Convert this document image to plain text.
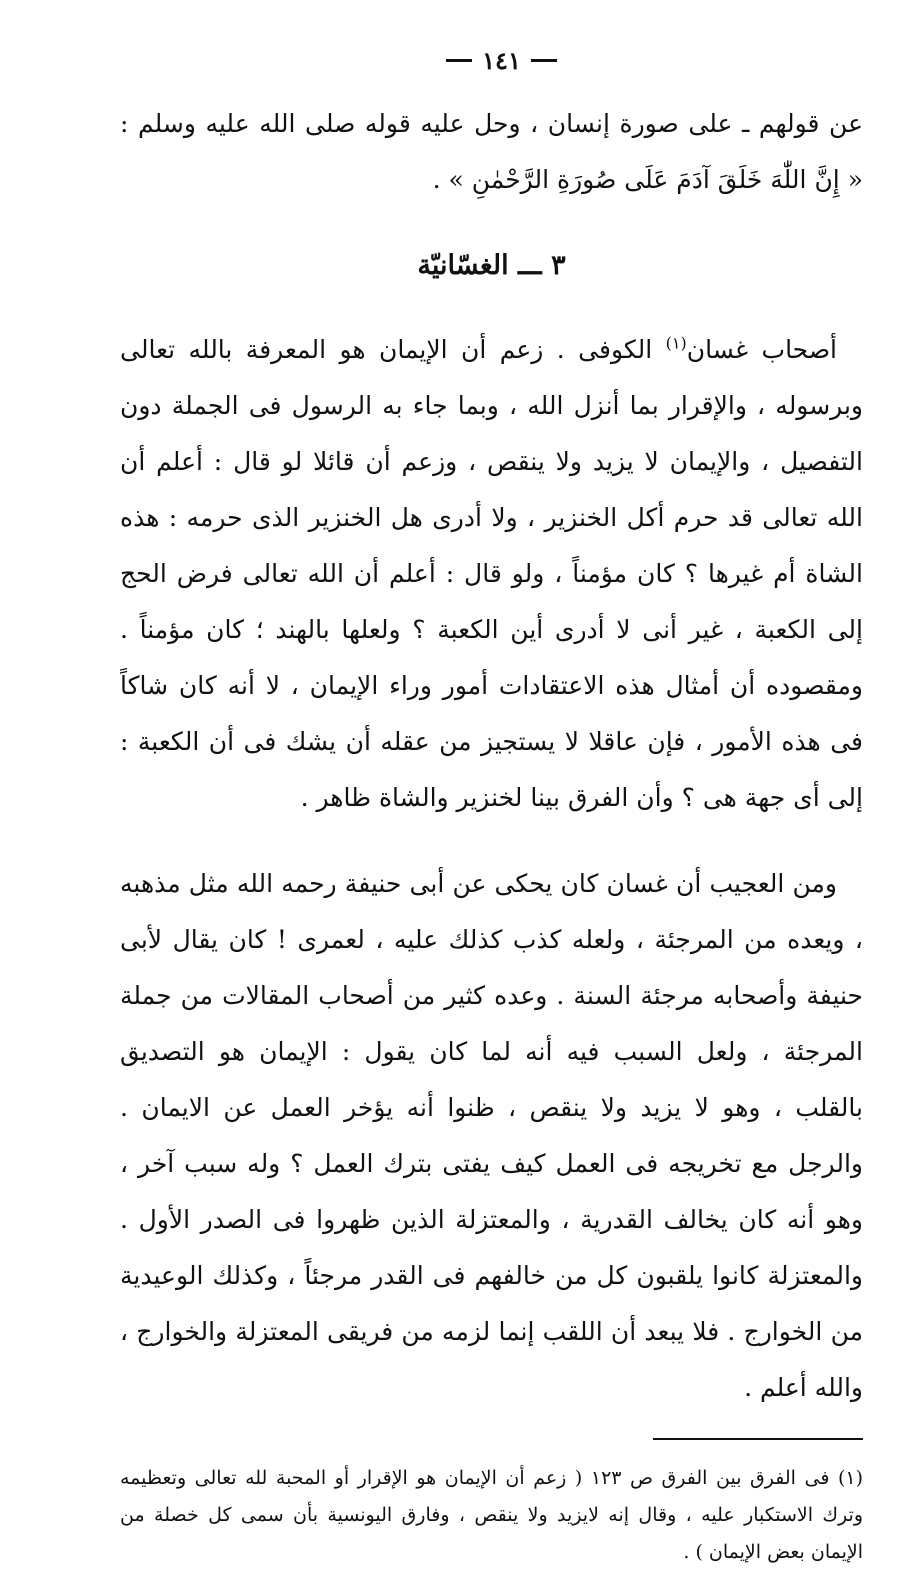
١٤١

عن قولهم ـ على صورة إنسان ، وحل عليه قوله صلى الله عليه وسلم : « إِنَّ اللّٰهَ خَلَقَ آدَمَ عَلَى صُورَةِ الرَّحْمٰنِ » .

٣ ـــ الغسّانيّة

أصحاب غسان$^{(١)}$ الكوفى . زعم أن الإيمان هو المعرفة بالله تعالى وبرسوله ، والإقرار بما أنزل الله ، وبما جاء به الرسول فى الجملة دون التفصيل ، والإيمان لا يزيد ولا ينقص ، وزعم أن قائلا لو قال : أعلم أن الله تعالى قد حرم أكل الخنزير ، ولا أدرى هل الخنزير الذى حرمه : هذه الشاة أم غيرها ؟ كان مؤمناً ، ولو قال : أعلم أن الله تعالى فرض الحج إلى الكعبة ، غير أنى لا أدرى أين الكعبة ؟ ولعلها بالهند ؛ كان مؤمناً . ومقصوده أن أمثال هذه الاعتقادات أمور وراء الإيمان ، لا أنه كان شاكاً فى هذه الأمور ، فإن عاقلا لا يستجيز من عقله أن يشك فى أن الكعبة : إلى أى جهة هى ؟ وأن الفرق بينا لخنزير والشاة ظاهر .

ومن العجيب أن غسان كان يحكى عن أبى حنيفة رحمه الله مثل مذهبه ، ويعده من المرجئة ، ولعله كذب كذلك عليه ، لعمرى ! كان يقال لأبى حنيفة وأصحابه مرجئة السنة . وعده كثير من أصحاب المقالات من جملة المرجئة ، ولعل السبب فيه أنه لما كان يقول : الإيمان هو التصديق بالقلب ، وهو لا يزيد ولا ينقص ، ظنوا أنه يؤخر العمل عن الايمان . والرجل مع تخريجه فى العمل كيف يفتى بترك العمل ؟ وله سبب آخر ، وهو أنه كان يخالف القدرية ، والمعتزلة الذين ظهروا فى الصدر الأول . والمعتزلة كانوا يلقبون كل من خالفهم فى القدر مرجئاً ، وكذلك الوعيدية من الخوارج . فلا يبعد أن اللقب إنما لزمه من فريقى المعتزلة والخوارج ، والله أعلم .

(١) فى الفرق بين الفرق ص ١٢٣ ( زعم أن الإيمان هو الإقرار أو المحبة لله تعالى وتعظيمه وترك الاستكبار عليه ، وقال إنه لايزيد ولا ينقص ، وفارق اليونسية بأن سمى كل خصلة من الإيمان بعض الإيمان ) .
